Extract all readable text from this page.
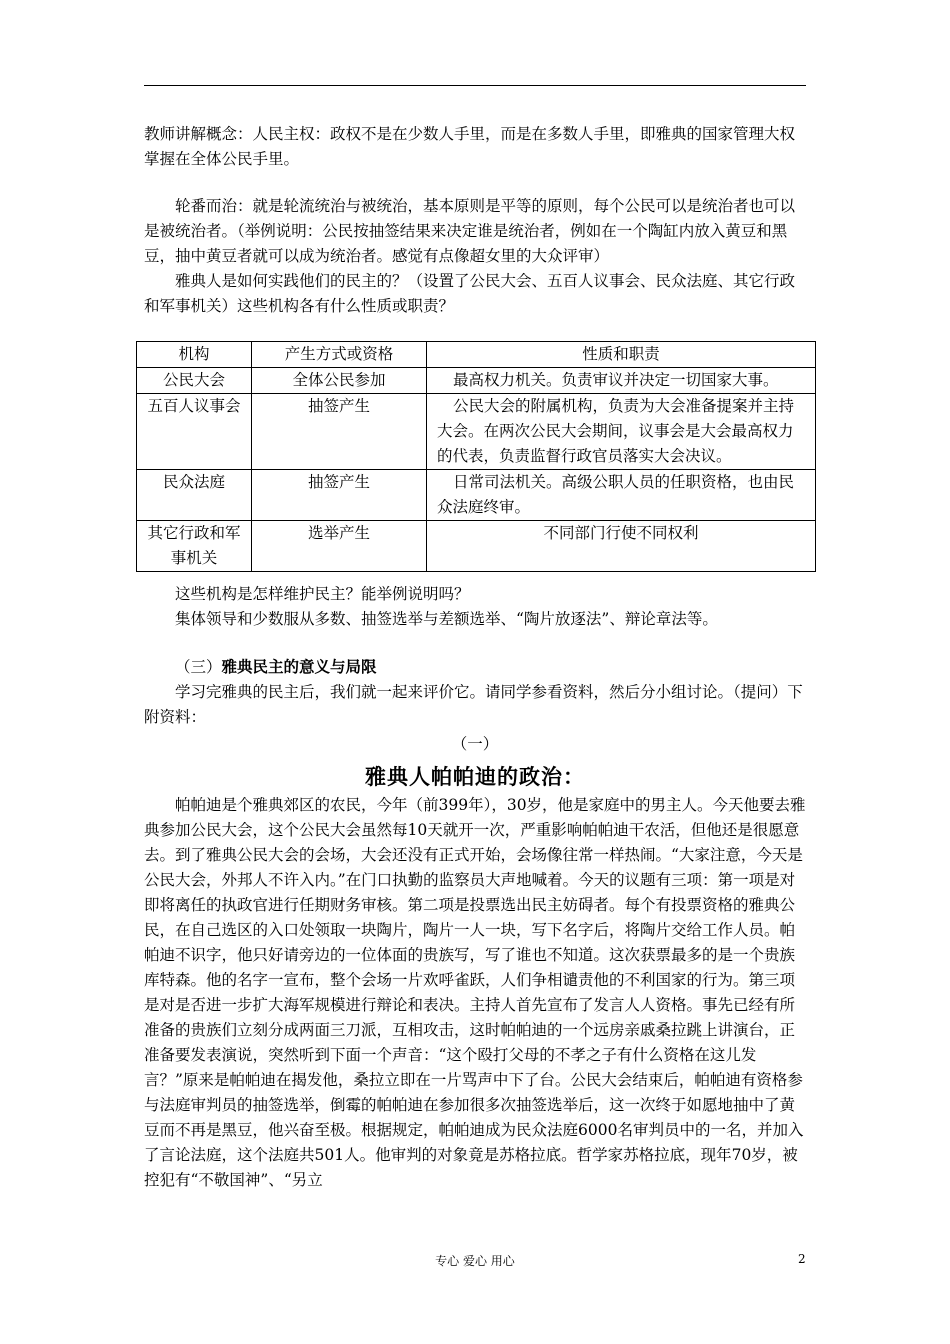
教师讲解概念：人民主权：政权不是在少数人手里，而是在多数人手里，即雅典的国家管理大权掌握在全体公民手里。

轮番而治：就是轮流统治与被统治，基本原则是平等的原则，每个公民可以是统治者也可以是被统治者。（举例说明：公民按抽签结果来决定谁是统治者，例如在一个陶缸内放入黄豆和黑豆，抽中黄豆者就可以成为统治者。感觉有点像超女里的大众评审）

雅典人是如何实践他们的民主的？（设置了公民大会、五百人议事会、民众法庭、其它行政和军事机关）这些机构各有什么性质或职责？

机构	产生方式或资格	性质和职责
公民大会	全体公民参加	最高权力机关。负责审议并决定一切国家大事。

五百人议事会	抽签产生	公民大会的附属机构，负责为大会准备提案并主持大会。在两次公民大会期间，议事会是大会最高权力的代表，负责监督行政官员落实大会决议。

民众法庭	抽签产生	日常司法机关。高级公职人员的任职资格，也由民众法庭终审。

其它行政和军事机关	选举产生	不同部门行使不同权利

这些机构是怎样维护民主？能举例说明吗？

集体领导和少数服从多数、抽签选举与差额选举、“陶片放逐法”、辩论章法等。

（三）雅典民主的意义与局限

学习完雅典的民主后，我们就一起来评价它。请同学参看资料，然后分小组讨论。（提问）下附资料：

（一）
雅典人帕帕迪的政治：

帕帕迪是个雅典郊区的农民，今年（前399年），30岁，他是家庭中的男主人。今天他要去雅典参加公民大会，这个公民大会虽然每10天就开一次，严重影响帕帕迪干农活，但他还是很愿意去。到了雅典公民大会的会场，大会还没有正式开始，会场像往常一样热闹。“大家注意，今天是公民大会，外邦人不许入内。”在门口执勤的监察员大声地喊着。今天的议题有三项：第一项是对即将离任的执政官进行任期财务审核。第二项是投票选出民主妨碍者。每个有投票资格的雅典公民，在自己选区的入口处领取一块陶片，陶片一人一块，写下名字后，将陶片交给工作人员。帕帕迪不识字，他只好请旁边的一位体面的贵族写，写了谁也不知道。这次获票最多的是一个贵族库特森。他的名字一宣布，整个会场一片欢呼雀跃，人们争相谴责他的不利国家的行为。第三项是对是否进一步扩大海军规模进行辩论和表决。主持人首先宣布了发言人人资格。事先已经有所准备的贵族们立刻分成两面三刀派，互相攻击，这时帕帕迪的一个远房亲戚桑拉跳上讲演台，正准备要发表演说，突然听到下面一个声音：“这个殴打父母的不孝之子有什么资格在这儿发言？”原来是帕帕迪在揭发他，桑拉立即在一片骂声中下了台。公民大会结束后，帕帕迪有资格参与法庭审判员的抽签选举，倒霉的帕帕迪在参加很多次抽签选举后，这一次终于如愿地抽中了黄豆而不再是黑豆，他兴奋至极。根据规定，帕帕迪成为民众法庭6000名审判员中的一名，并加入了言论法庭，这个法庭共501人。他审判的对象竟是苏格拉底。哲学家苏格拉底，现年70岁，被控犯有“不敬国神”、“另立

专心 爱心 用心	2
